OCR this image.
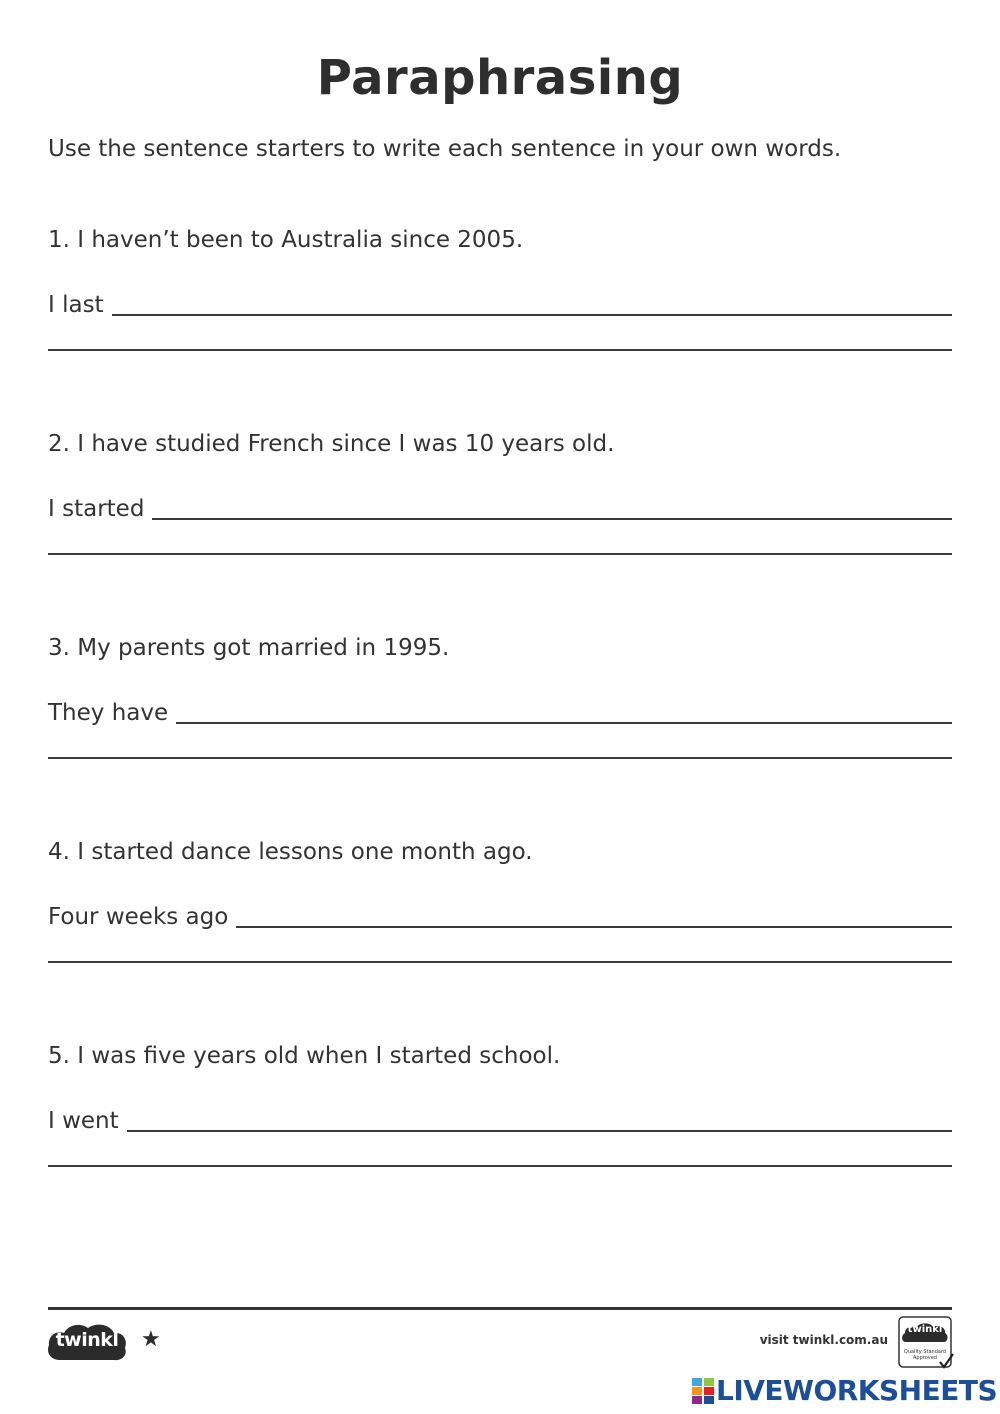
Paraphrasing
Use the sentence starters to write each sentence in your own words.
1. I haven’t been to Australia since 2005.
I last
2. I have studied French since I was 10 years old.
I started
3. My parents got married in 1995.
They have
4. I started dance lessons one month ago.
Four weeks ago
5. I was five years old when I started school.
I went
twinkl	★	visit twinkl.com.au
twinkl
Quality Standard
Approved
LIVEWORKSHEETS
